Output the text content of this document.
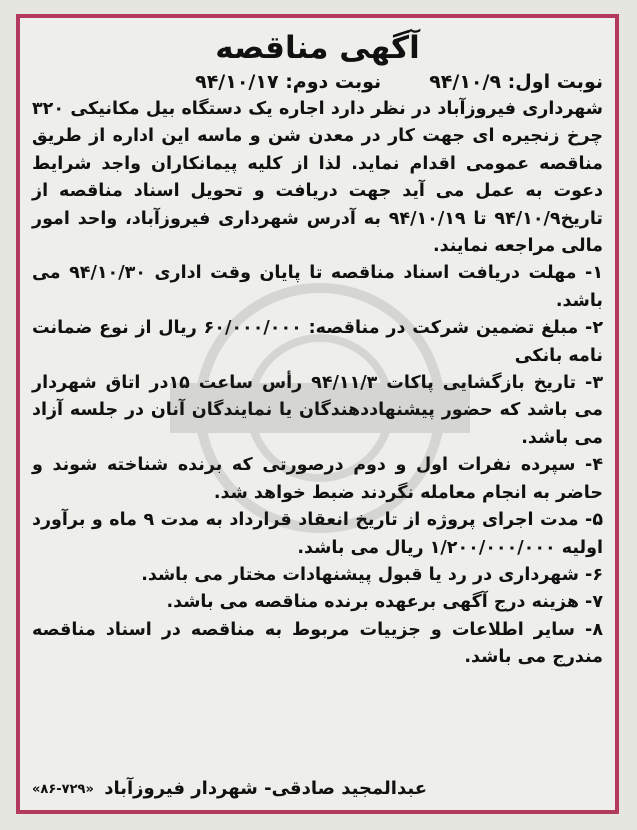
آگهی مناقصه
نوبت اول: ۹۴/۱۰/۹
نوبت دوم: ۹۴/۱۰/۱۷

شهرداری فیروزآباد در نظر دارد اجاره یک دستگاه بیل مکانیکی ۳۲۰ چرخ زنجیره ای جهت کار در معدن شن و ماسه این اداره از طریق مناقصه عمومی اقدام نماید. لذا از کلیه پیمانکاران واجد شرایط دعوت به عمل می آید جهت دریافت و تحویل اسناد مناقصه از تاریخ۹۴/۱۰/۹ تا ۹۴/۱۰/۱۹ به آدرس شهرداری فیروزآباد، واحد امور مالی مراجعه نمایند.

۱- مهلت دریافت اسناد مناقصه تا پایان وقت اداری ۹۴/۱۰/۳۰ می باشد.

۲- مبلغ تضمین شرکت در مناقصه: ۶۰/۰۰۰/۰۰۰ ریال از نوع ضمانت نامه بانکی

۳- تاریخ بازگشایی پاکات ۹۴/۱۱/۳ رأس ساعت ۱۵در اتاق شهردار می باشد که حضور پیشنهاددهندگان یا نمایندگان آنان در جلسه آزاد می باشد.

۴- سپرده نفرات اول و دوم درصورتی که برنده شناخته شوند و حاضر به انجام معامله نگردند ضبط خواهد شد.

۵- مدت اجرای پروژه از تاریخ انعقاد قرارداد به مدت ۹ ماه و برآورد اولیه ۱/۲۰۰/۰۰۰/۰۰۰ ریال می باشد.

۶- شهرداری در رد یا قبول پیشنهادات مختار می باشد.

۷- هزینه درج آگهی برعهده برنده مناقصه می باشد.

۸- سایر اطلاعات و جزییات مربوط به مناقصه در اسناد مناقصه مندرج می باشد.

عبدالمجید صادقی- شهردار فیروزآباد
«۸۶-۷۲۹»
